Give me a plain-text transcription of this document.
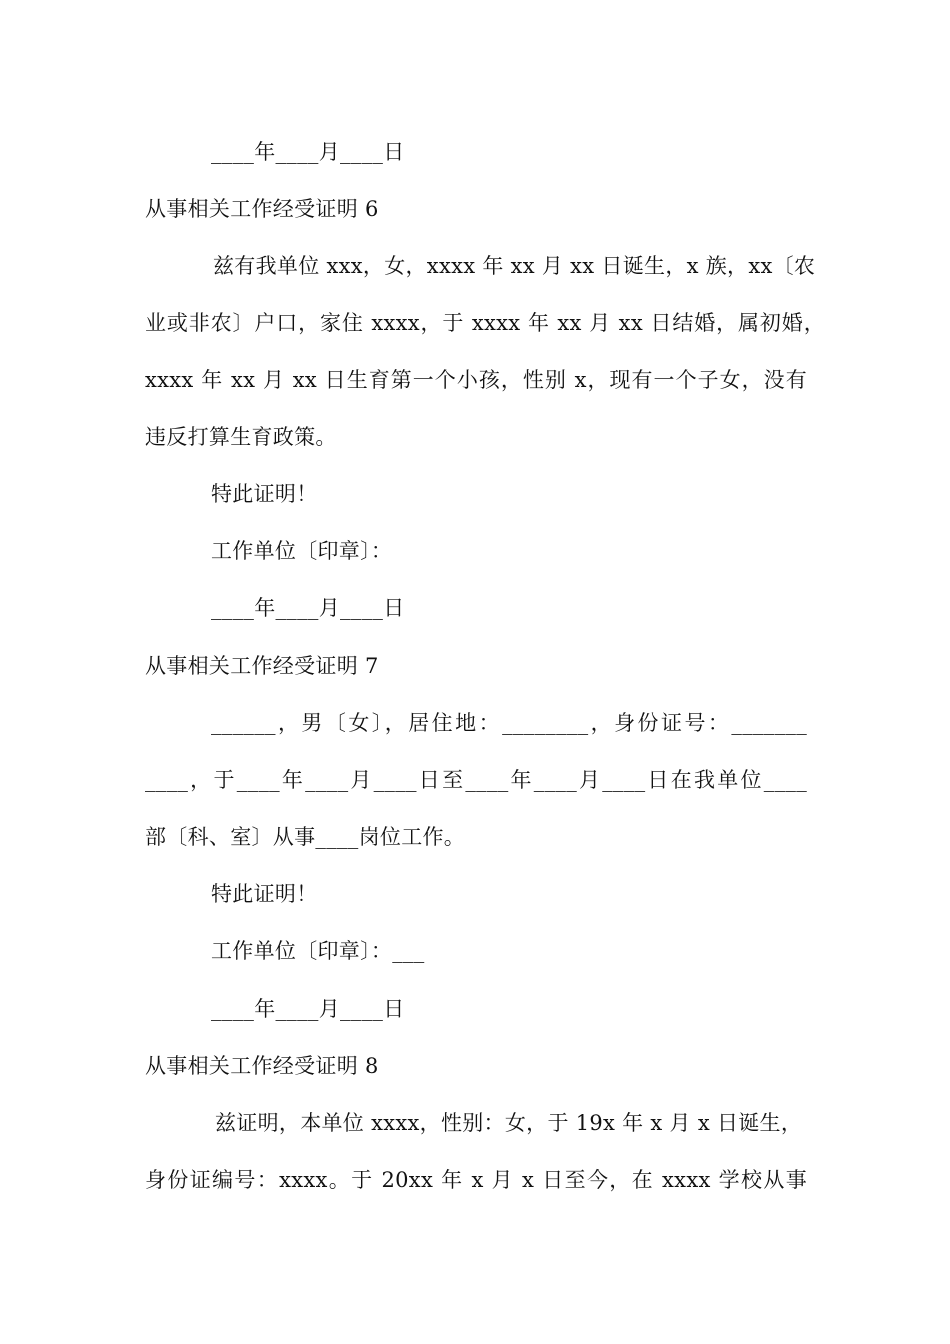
____年____月____日
从事相关工作经受证明 6
兹有我单位 xxx，女，xxxx 年 xx 月 xx 日诞生，x 族，xx〔农
业或非农〕户口，家住 xxxx，于 xxxx 年 xx 月 xx 日结婚，属初婚，
xxxx 年 xx 月 xx 日生育第一个小孩，性别 x，现有一个子女，没有
违反打算生育政策。
特此证明！
工作单位〔印章〕：
____年____月____日
从事相关工作经受证明 7
______，男〔女〕，居住地：________，身份证号：_______
____，于____年____月____日至____年____月____日在我单位____
部〔科、室〕从事____岗位工作。
特此证明！
工作单位〔印章〕：___
____年____月____日
从事相关工作经受证明 8
兹证明，本单位 xxxx，性别：女，于 19x 年 x 月 x 日诞生，
身份证编号：xxxx。于 20xx 年 x 月 x 日至今，在 xxxx 学校从事
